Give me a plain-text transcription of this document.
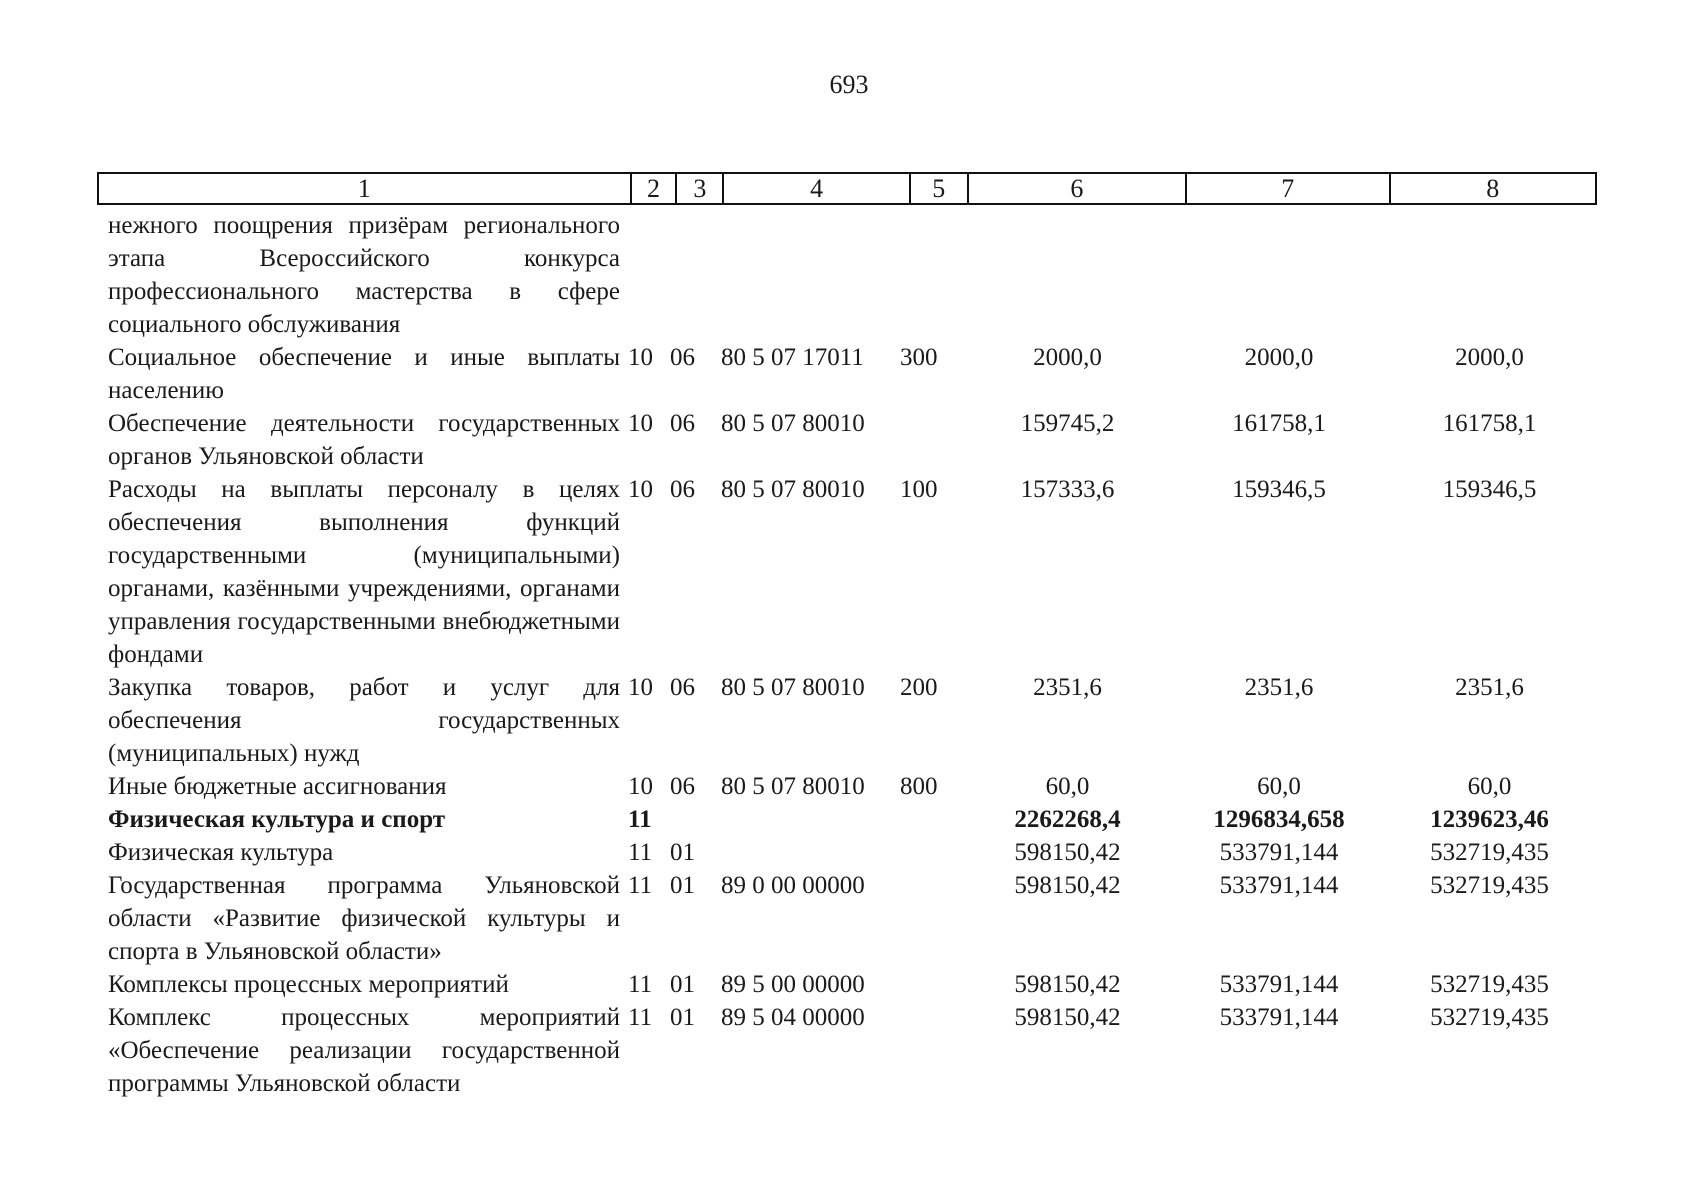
693
1	2	3	4	5	6	7	8
нежного поощрения призёрам регионального этапа Всероссийского конкурса профессионального мастерства в сфере социального обслуживания							
Социальное обеспечение и иные выплаты населению	10	06	80 5 07 17011	300	2000,0	2000,0	2000,0
Обеспечение деятельности государственных органов Ульяновской области	10	06	80 5 07 80010		159745,2	161758,1	161758,1
Расходы на выплаты персоналу в целях обеспечения выполнения функций государственными (муниципальными) органами, казёнными учреждениями, органами управления государственными внебюджетными фондами	10	06	80 5 07 80010	100	157333,6	159346,5	159346,5
Закупка товаров, работ и услуг для обеспечения государственных (муниципальных) нужд	10	06	80 5 07 80010	200	2351,6	2351,6	2351,6
Иные бюджетные ассигнования	10	06	80 5 07 80010	800	60,0	60,0	60,0
Физическая культура и спорт	11				2262268,4	1296834,658	1239623,46
Физическая культура	11	01			598150,42	533791,144	532719,435
Государственная программа Ульяновской области «Развитие физической культуры и спорта в Ульяновской области»	11	01	89 0 00 00000		598150,42	533791,144	532719,435
Комплексы процессных мероприятий	11	01	89 5 00 00000		598150,42	533791,144	532719,435
Комплекс процессных мероприятий «Обеспечение реализации государственной программы Ульяновской области	11	01	89 5 04 00000		598150,42	533791,144	532719,435
